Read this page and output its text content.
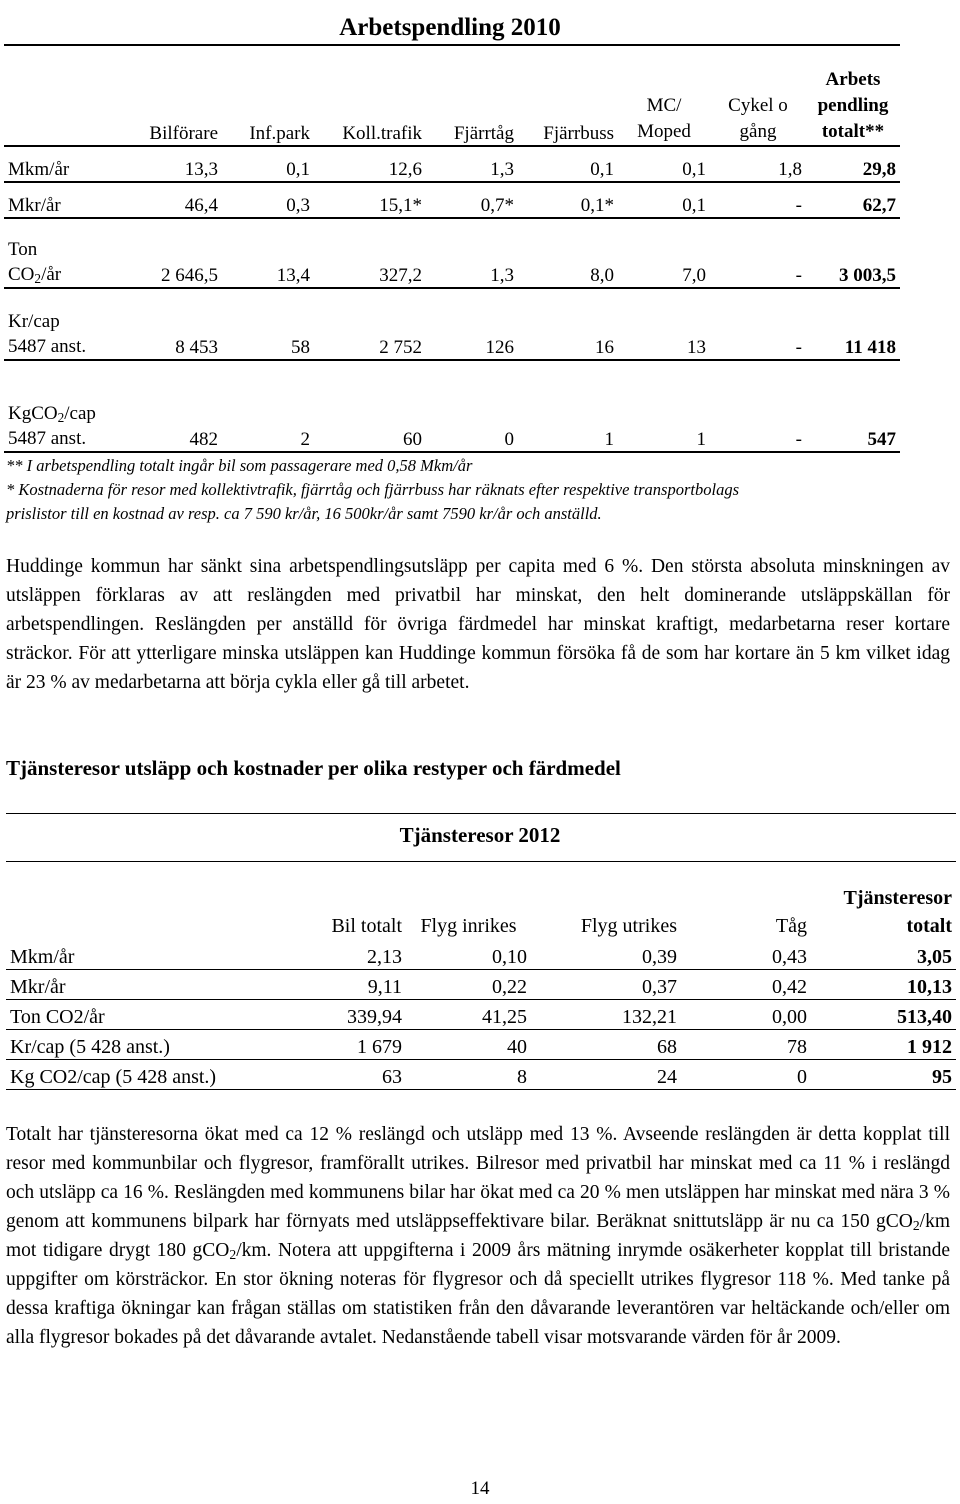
Arbetspendling 2010
	Bilförare	Inf.park	Koll.trafik	Fjärrtåg	Fjärrbuss	MC/ Moped	Cykel o gång	Arbets pendling totalt**
Mkm/år	13,3	0,1	12,6	1,3	0,1	0,1	1,8	29,8
Mkr/år	46,4	0,3	15,1*	0,7*	0,1*	0,1	-	62,7
Ton
$CO_2/år$	2 646,5	13,4	327,2	1,3	8,0	7,0	-	3 003,5
Kr/cap
5487 anst.	8 453	58	2 752	126	16	13	-	11 418
KgCO$_2$/cap
5487 anst.	482	2	60	0	1	1	-	547
** I arbetspendling totalt ingår bil som passagerare med 0,58 Mkm/år
* Kostnaderna för resor med kollektivtrafik, fjärrtåg och fjärrbuss har räknats efter respektive transportbolags
prislistor till en kostnad av resp. ca 7 590 kr/år, 16 500kr/år samt 7590 kr/år och anställd.

Huddinge kommun har sänkt sina arbetspendlingsutsläpp per capita med 6 %. Den största absoluta minskningen av utsläppen förklaras av att reslängden med privatbil har minskat, den helt dominerande utsläppskällan för arbetspendlingen. Reslängden per anställd för övriga färdmedel har minskat kraftigt, medarbetarna reser kortare sträckor. För att ytterligare minska utsläppen kan Huddinge kommun försöka få de som har kortare än 5 km vilket idag är 23 % av medarbetarna att börja cykla eller gå till arbetet.

Tjänsteresor utsläpp och kostnader per olika restyper och färdmedel
Tjänsteresor 2012
	Bil totalt	Flyg inrikes	Flyg utrikes	Tåg	Tjänsteresor totalt
Mkm/år	2,13	0,10	0,39	0,43	3,05
Mkr/år	9,11	0,22	0,37	0,42	10,13
Ton CO2/år	339,94	41,25	132,21	0,00	513,40
Kr/cap (5 428 anst.)	1 679	40	68	78	1 912
Kg CO2/cap (5 428 anst.)	63	8	24	0	95

Totalt har tjänsteresorna ökat med ca 12 % reslängd och utsläpp med 13 %. Avseende reslängden är detta kopplat till resor med kommunbilar och flygresor, framförallt utrikes. Bilresor med privatbil har minskat med ca 11 % i reslängd och utsläpp ca 16 %. Reslängden med kommunens bilar har ökat med ca 20 % men utsläppen har minskat med nära 3 % genom att kommunens bilpark har förnyats med utsläppseffektivare bilar. Beräknat snittutsläpp är nu ca 150 gCO$_2$/km mot tidigare drygt 180 gCO$_2$/km. Notera att uppgifterna i 2009 års mätning inrymde osäkerheter kopplat till bristande uppgifter om körsträckor. En stor ökning noteras för flygresor och då speciellt utrikes flygresor 118 %. Med tanke på dessa kraftiga ökningar kan frågan ställas om statistiken från den dåvarande leverantören var heltäckande och/eller om alla flygresor bokades på det dåvarande avtalet. Nedanstående tabell visar motsvarande värden för år 2009.

14
